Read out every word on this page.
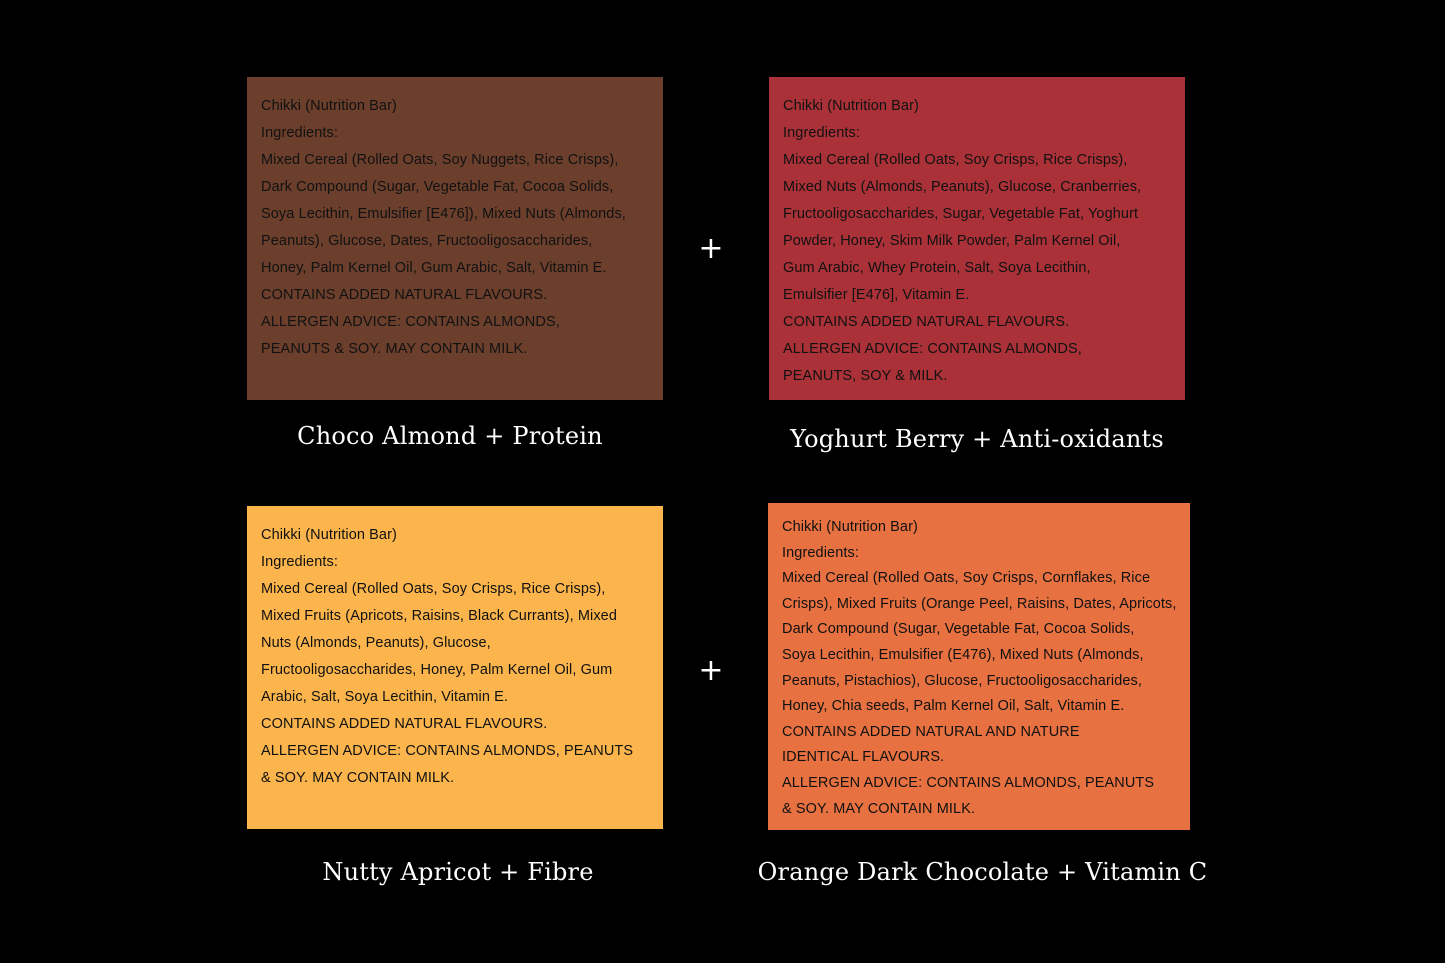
Chikki (Nutrition Bar)
Ingredients:
Mixed Cereal (Rolled Oats, Soy Nuggets, Rice Crisps),
Dark Compound (Sugar, Vegetable Fat, Cocoa Solids,
Soya Lecithin, Emulsifier [E476]), Mixed Nuts (Almonds,
Peanuts), Glucose, Dates, Fructooligosaccharides,
Honey, Palm Kernel Oil, Gum Arabic, Salt, Vitamin E.
CONTAINS ADDED NATURAL FLAVOURS.
ALLERGEN ADVICE: CONTAINS ALMONDS,
PEANUTS & SOY. MAY CONTAIN MILK.
Choco Almond + Protein
+
Chikki (Nutrition Bar)
Ingredients:
Mixed Cereal (Rolled Oats, Soy Crisps, Rice Crisps),
Mixed Nuts (Almonds, Peanuts), Glucose, Cranberries,
Fructooligosaccharides, Sugar, Vegetable Fat, Yoghurt
Powder, Honey, Skim Milk Powder, Palm Kernel Oil,
Gum Arabic, Whey Protein, Salt, Soya Lecithin,
Emulsifier [E476], Vitamin E.
CONTAINS ADDED NATURAL FLAVOURS.
ALLERGEN ADVICE: CONTAINS ALMONDS,
PEANUTS, SOY & MILK.
Yoghurt Berry + Anti-oxidants
Chikki (Nutrition Bar)
Ingredients:
Mixed Cereal (Rolled Oats, Soy Crisps, Rice Crisps),
Mixed Fruits (Apricots, Raisins, Black Currants), Mixed
Nuts (Almonds, Peanuts), Glucose,
Fructooligosaccharides, Honey, Palm Kernel Oil, Gum
Arabic, Salt, Soya Lecithin, Vitamin E.
CONTAINS ADDED NATURAL FLAVOURS.
ALLERGEN ADVICE: CONTAINS ALMONDS, PEANUTS
& SOY. MAY CONTAIN MILK.
Nutty Apricot + Fibre
+
Chikki (Nutrition Bar)
Ingredients:
Mixed Cereal (Rolled Oats, Soy Crisps, Cornflakes, Rice
Crisps), Mixed Fruits (Orange Peel, Raisins, Dates, Apricots,
Dark Compound (Sugar, Vegetable Fat, Cocoa Solids,
Soya Lecithin, Emulsifier (E476), Mixed Nuts (Almonds,
Peanuts, Pistachios), Glucose, Fructooligosaccharides,
Honey, Chia seeds, Palm Kernel Oil, Salt, Vitamin E.
CONTAINS ADDED NATURAL AND NATURE
IDENTICAL FLAVOURS.
ALLERGEN ADVICE: CONTAINS ALMONDS, PEANUTS
& SOY. MAY CONTAIN MILK.
Orange Dark Chocolate + Vitamin C
